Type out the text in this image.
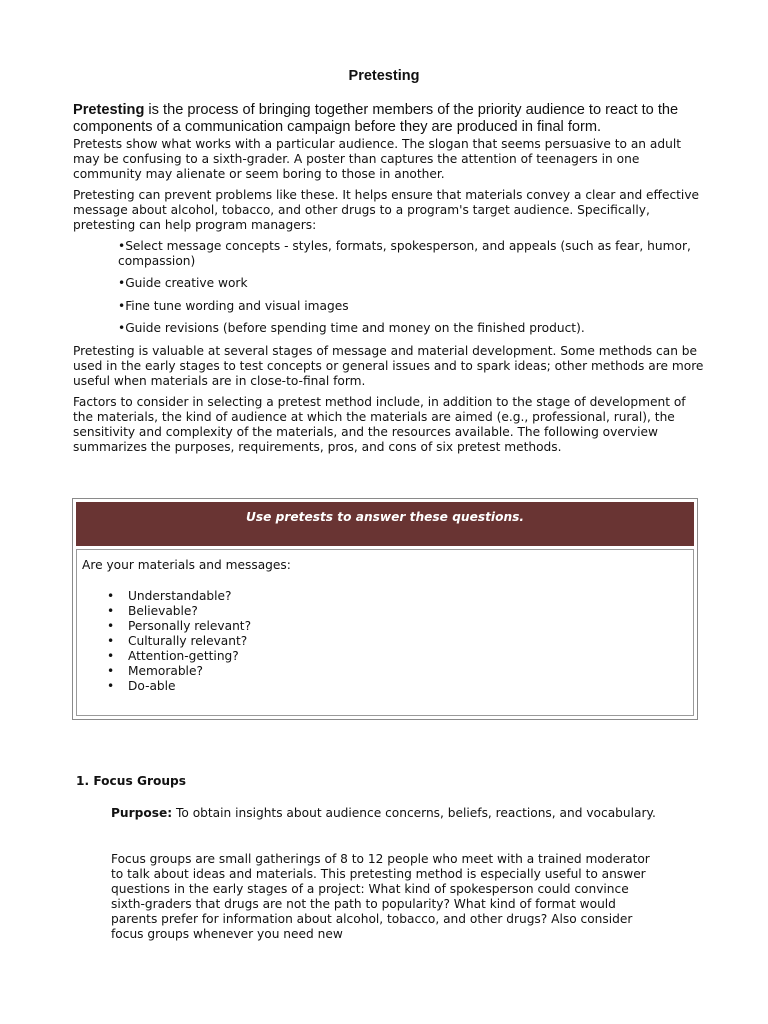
Pretesting
Pretesting is the process of bringing together members of the priority audience to react to the components of a communication campaign before they are produced in final form.

Pretests show what works with a particular audience. The slogan that seems persuasive to an adult may be confusing to a sixth-grader. A poster than captures the attention of teenagers in one community may alienate or seem boring to those in another.

Pretesting can prevent problems like these. It helps ensure that materials convey a clear and effective message about alcohol, tobacco, and other drugs to a program's target audience. Specifically, pretesting can help program managers:

•Select message concepts - styles, formats, spokesperson, and appeals (such as fear, humor, compassion)
•Guide creative work
•Fine tune wording and visual images
•Guide revisions (before spending time and money on the finished product).

Pretesting is valuable at several stages of message and material development. Some methods can be used in the early stages to test concepts or general issues and to spark ideas; other methods are more useful when materials are in close-to-final form.

Factors to consider in selecting a pretest method include, in addition to the stage of development of the materials, the kind of audience at which the materials are aimed (e.g., professional, rural), the sensitivity and complexity of the materials, and the resources available. The following overview summarizes the purposes, requirements, pros, and cons of six pretest methods.

Use pretests to answer these questions.

Are your materials and messages:

• Understandable?
• Believable?
• Personally relevant?
• Culturally relevant?
• Attention-getting?
• Memorable?
• Do-able

1. Focus Groups

Purpose: To obtain insights about audience concerns, beliefs, reactions, and vocabulary.

Focus groups are small gatherings of 8 to 12 people who meet with a trained moderator to talk about ideas and materials. This pretesting method is especially useful to answer questions in the early stages of a project: What kind of spokesperson could convince sixth-graders that drugs are not the path to popularity? What kind of format would parents prefer for information about alcohol, tobacco, and other drugs? Also consider focus groups whenever you need new
